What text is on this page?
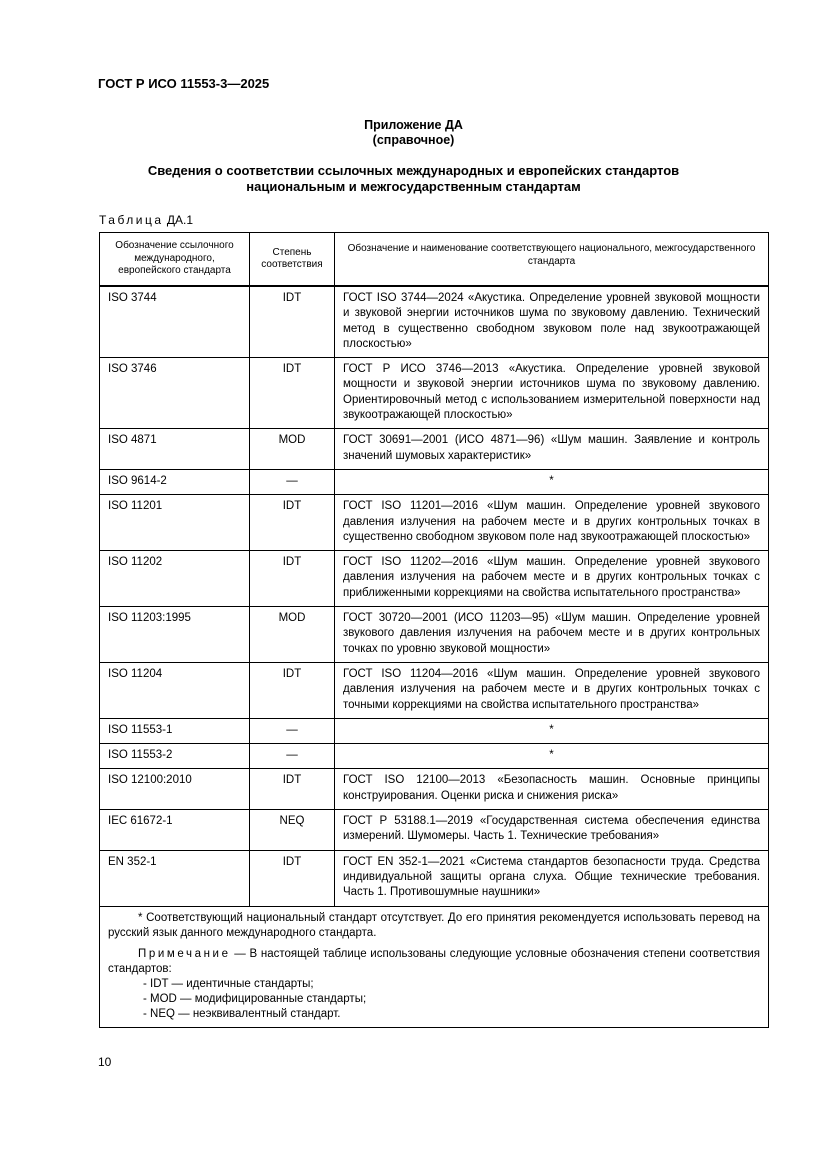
ГОСТ Р ИСО 11553-3—2025
Приложение ДА
(справочное)
Сведения о соответствии ссылочных международных и европейских стандартов
национальным и межгосударственным стандартам
Таблица ДА.1
Обозначение ссылочного международного, европейского стандарта	Степень соответствия	Обозначение и наименование соответствующего национального, межгосударственного стандарта
ISO 3744	IDT	ГОСТ ISO 3744—2024 «Акустика. Определение уровней звуковой мощности и звуковой энергии источников шума по звуковому давлению. Технический метод в существенно свободном звуковом поле над звукоотражающей плоскостью»
ISO 3746	IDT	ГОСТ Р ИСО 3746—2013 «Акустика. Определение уровней звуковой мощности и звуковой энергии источников шума по звуковому давлению. Ориентировочный метод с использованием измерительной поверхности над звукоотражающей плоскостью»
ISO 4871	MOD	ГОСТ 30691—2001 (ИСО 4871—96) «Шум машин. Заявление и контроль значений шумовых характеристик»
ISO 9614-2	—	*
ISO 11201	IDT	ГОСТ ISO 11201—2016 «Шум машин. Определение уровней звукового давления излучения на рабочем месте и в других контрольных точках в существенно свободном звуковом поле над звукоотражающей плоскостью»
ISO 11202	IDT	ГОСТ ISO 11202—2016 «Шум машин. Определение уровней звукового давления излучения на рабочем месте и в других контрольных точках с приближенными коррекциями на свойства испытательного пространства»
ISO 11203:1995	MOD	ГОСТ 30720—2001 (ИСО 11203—95) «Шум машин. Определение уровней звукового давления излучения на рабочем месте и в других контрольных точках по уровню звуковой мощности»
ISO 11204	IDT	ГОСТ ISO 11204—2016 «Шум машин. Определение уровней звукового давления излучения на рабочем месте и в других контрольных точках с точными коррекциями на свойства испытательного пространства»
ISO 11553-1	—	*
ISO 11553-2	—	*
ISO 12100:2010	IDT	ГОСТ ISO 12100—2013 «Безопасность машин. Основные принципы конструирования. Оценки риска и снижения риска»
IEC 61672-1	NEQ	ГОСТ Р 53188.1—2019 «Государственная система обеспечения единства измерений. Шумомеры. Часть 1. Технические требования»
EN 352-1	IDT	ГОСТ EN 352-1—2021 «Система стандартов безопасности труда. Средства индивидуальной защиты органа слуха. Общие технические требования. Часть 1. Противошумные наушники»

* Соответствующий национальный стандарт отсутствует. До его принятия рекомендуется использовать перевод на русский язык данного международного стандарта.

Примечание — В настоящей таблице использованы следующие условные обозначения степени соответствия стандартов:

- IDT — идентичные стандарты;

- MOD — модифицированные стандарты;

- NEQ — неэквивалентный стандарт.		

10
